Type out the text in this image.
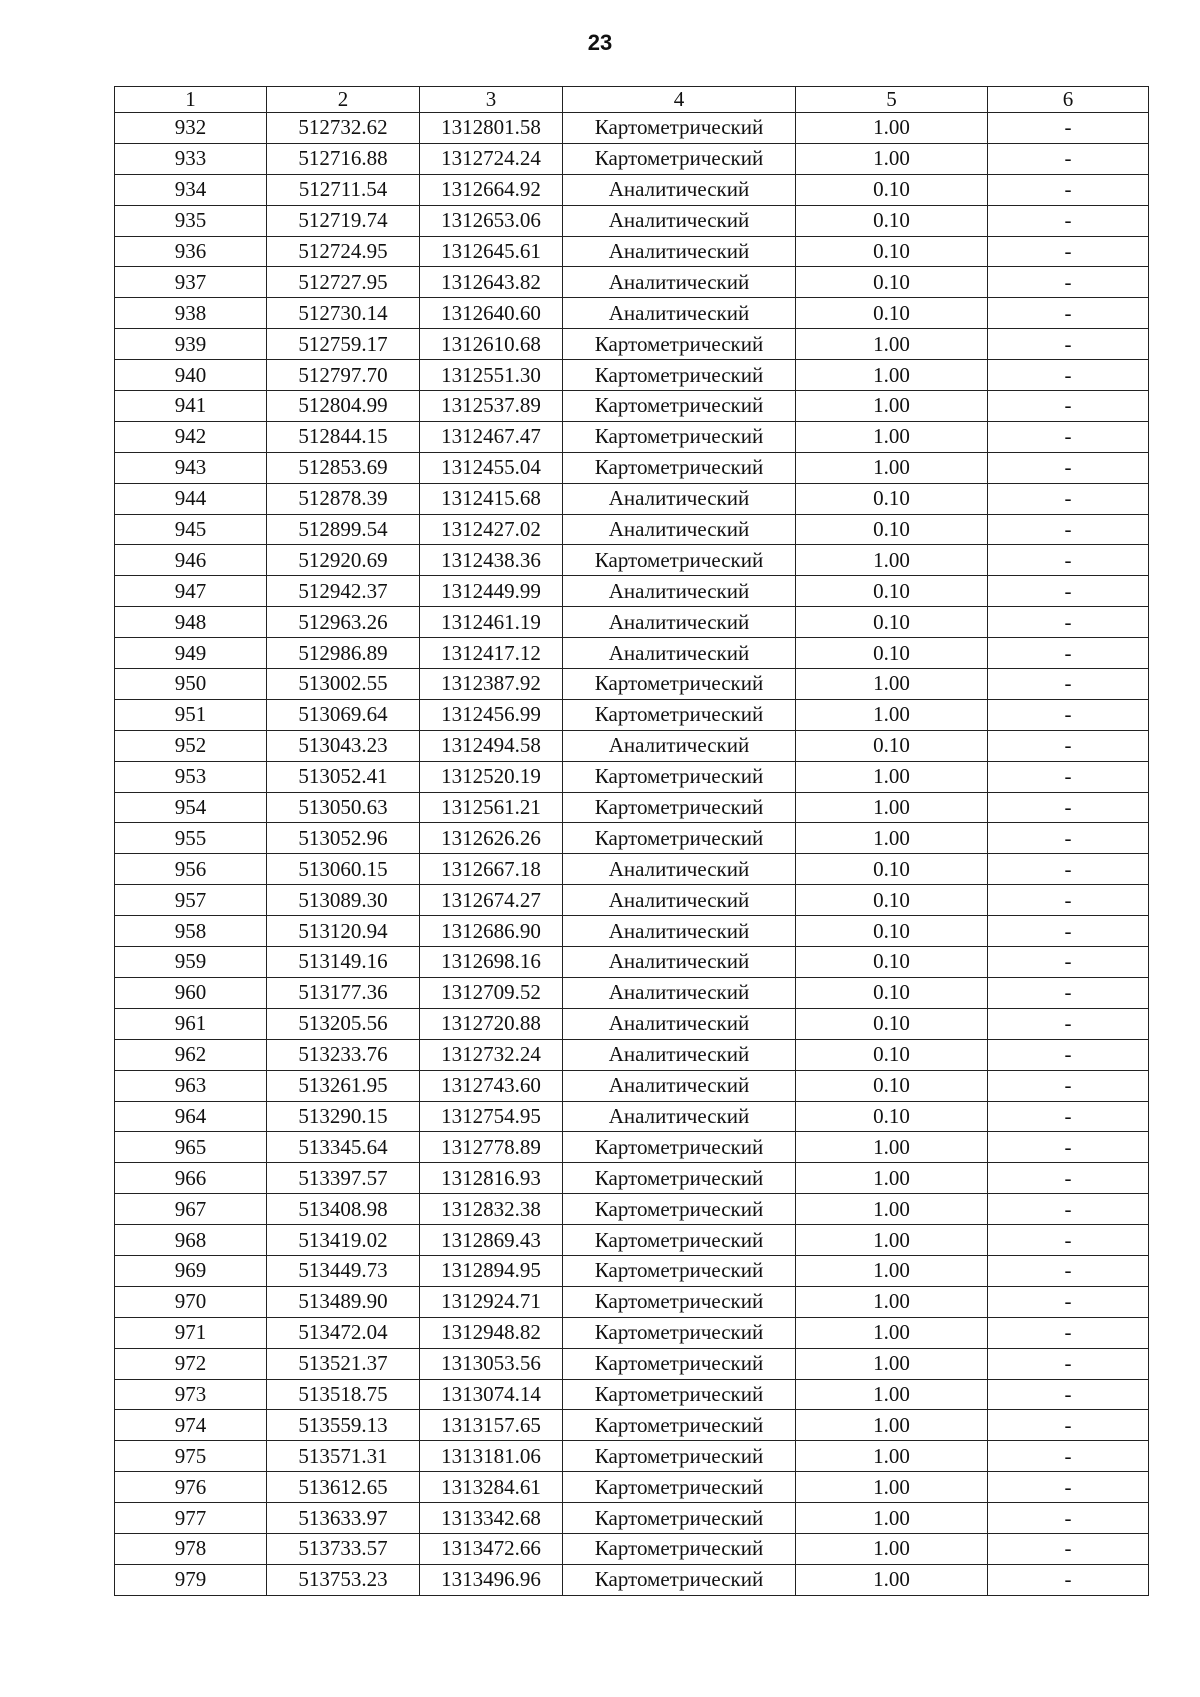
23
1	2	3	4	5	6
932	512732.62	1312801.58	Картометрический	1.00	-
933	512716.88	1312724.24	Картометрический	1.00	-
934	512711.54	1312664.92	Аналитический	0.10	-
935	512719.74	1312653.06	Аналитический	0.10	-
936	512724.95	1312645.61	Аналитический	0.10	-
937	512727.95	1312643.82	Аналитический	0.10	-
938	512730.14	1312640.60	Аналитический	0.10	-
939	512759.17	1312610.68	Картометрический	1.00	-
940	512797.70	1312551.30	Картометрический	1.00	-
941	512804.99	1312537.89	Картометрический	1.00	-
942	512844.15	1312467.47	Картометрический	1.00	-
943	512853.69	1312455.04	Картометрический	1.00	-
944	512878.39	1312415.68	Аналитический	0.10	-
945	512899.54	1312427.02	Аналитический	0.10	-
946	512920.69	1312438.36	Картометрический	1.00	-
947	512942.37	1312449.99	Аналитический	0.10	-
948	512963.26	1312461.19	Аналитический	0.10	-
949	512986.89	1312417.12	Аналитический	0.10	-
950	513002.55	1312387.92	Картометрический	1.00	-
951	513069.64	1312456.99	Картометрический	1.00	-
952	513043.23	1312494.58	Аналитический	0.10	-
953	513052.41	1312520.19	Картометрический	1.00	-
954	513050.63	1312561.21	Картометрический	1.00	-
955	513052.96	1312626.26	Картометрический	1.00	-
956	513060.15	1312667.18	Аналитический	0.10	-
957	513089.30	1312674.27	Аналитический	0.10	-
958	513120.94	1312686.90	Аналитический	0.10	-
959	513149.16	1312698.16	Аналитический	0.10	-
960	513177.36	1312709.52	Аналитический	0.10	-
961	513205.56	1312720.88	Аналитический	0.10	-
962	513233.76	1312732.24	Аналитический	0.10	-
963	513261.95	1312743.60	Аналитический	0.10	-
964	513290.15	1312754.95	Аналитический	0.10	-
965	513345.64	1312778.89	Картометрический	1.00	-
966	513397.57	1312816.93	Картометрический	1.00	-
967	513408.98	1312832.38	Картометрический	1.00	-
968	513419.02	1312869.43	Картометрический	1.00	-
969	513449.73	1312894.95	Картометрический	1.00	-
970	513489.90	1312924.71	Картометрический	1.00	-
971	513472.04	1312948.82	Картометрический	1.00	-
972	513521.37	1313053.56	Картометрический	1.00	-
973	513518.75	1313074.14	Картометрический	1.00	-
974	513559.13	1313157.65	Картометрический	1.00	-
975	513571.31	1313181.06	Картометрический	1.00	-
976	513612.65	1313284.61	Картометрический	1.00	-
977	513633.97	1313342.68	Картометрический	1.00	-
978	513733.57	1313472.66	Картометрический	1.00	-
979	513753.23	1313496.96	Картометрический	1.00	-
